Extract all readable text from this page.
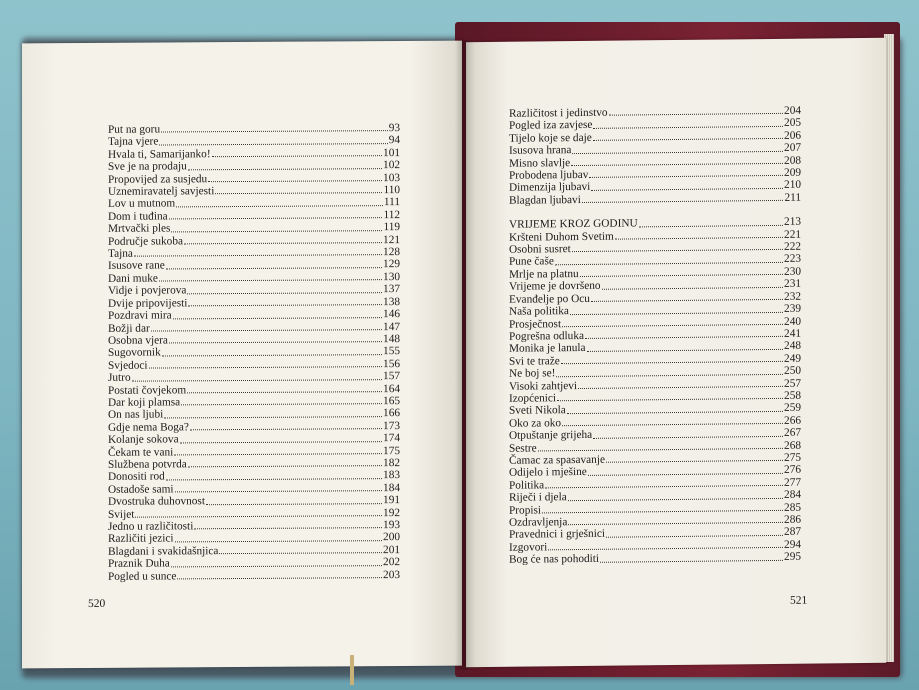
Put na goru	93
Tajna vjere	94
Hvala ti, Samarijanko!	101
Sve je na prodaju	102
Propovijed za susjedu	103
Uznemiravatelj savjesti	110
Lov u mutnom	111
Dom i tuđina	112
Mrtvački ples	119
Područje sukoba	121
Tajna	128
Isusove rane	129
Dani muke	130
Vidje i povjerova	137
Dvije pripovijesti	138
Pozdravi mira	146
Božji dar	147
Osobna vjera	148
Sugovornik	155
Svjedoci	156
Jutro	157
Postati čovjekom	164
Dar koji plamsa	165
On nas ljubi	166
Gdje nema Boga?	173
Kolanje sokova	174
Čekam te vani	175
Službena potvrda	182
Donositi rod	183
Ostadoše sami	184
Dvostruka duhovnost	191
Svijet	192
Jedno u različitosti	193
Različiti jezici	200
Blagdani i svakidašnjica	201
Praznik Duha	202
Pogled u sunce	203
520
Različitost i jedinstvo	204
Pogled iza zavjese	205
Tijelo koje se daje	206
Isusova hrana	207
Misno slavlje	208
Probodena ljubav	209
Dimenzija ljubavi	210
Blagdan ljubavi	211
VRIJEME KROZ GODINU	213
Kršteni Duhom Svetim	221
Osobni susret	222
Pune čaše	223
Mrlje na platnu	230
Vrijeme je dovršeno	231
Evanđelje po Ocu	232
Naša politika	239
Prosječnost	240
Pogrešna odluka	241
Monika je lanula	248
Svi te traže	249
Ne boj se!	250
Visoki zahtjevi	257
Izopćenici	258
Sveti Nikola	259
Oko za oko	266
Otpuštanje grijeha	267
Sestre	268
Čamac za spasavanje	275
Odijelo i mješine	276
Politika	277
Riječi i djela	284
Propisi	285
Ozdravljenja	286
Pravednici i grješnici	287
Izgovori	294
Bog će nas pohoditi	295
521
